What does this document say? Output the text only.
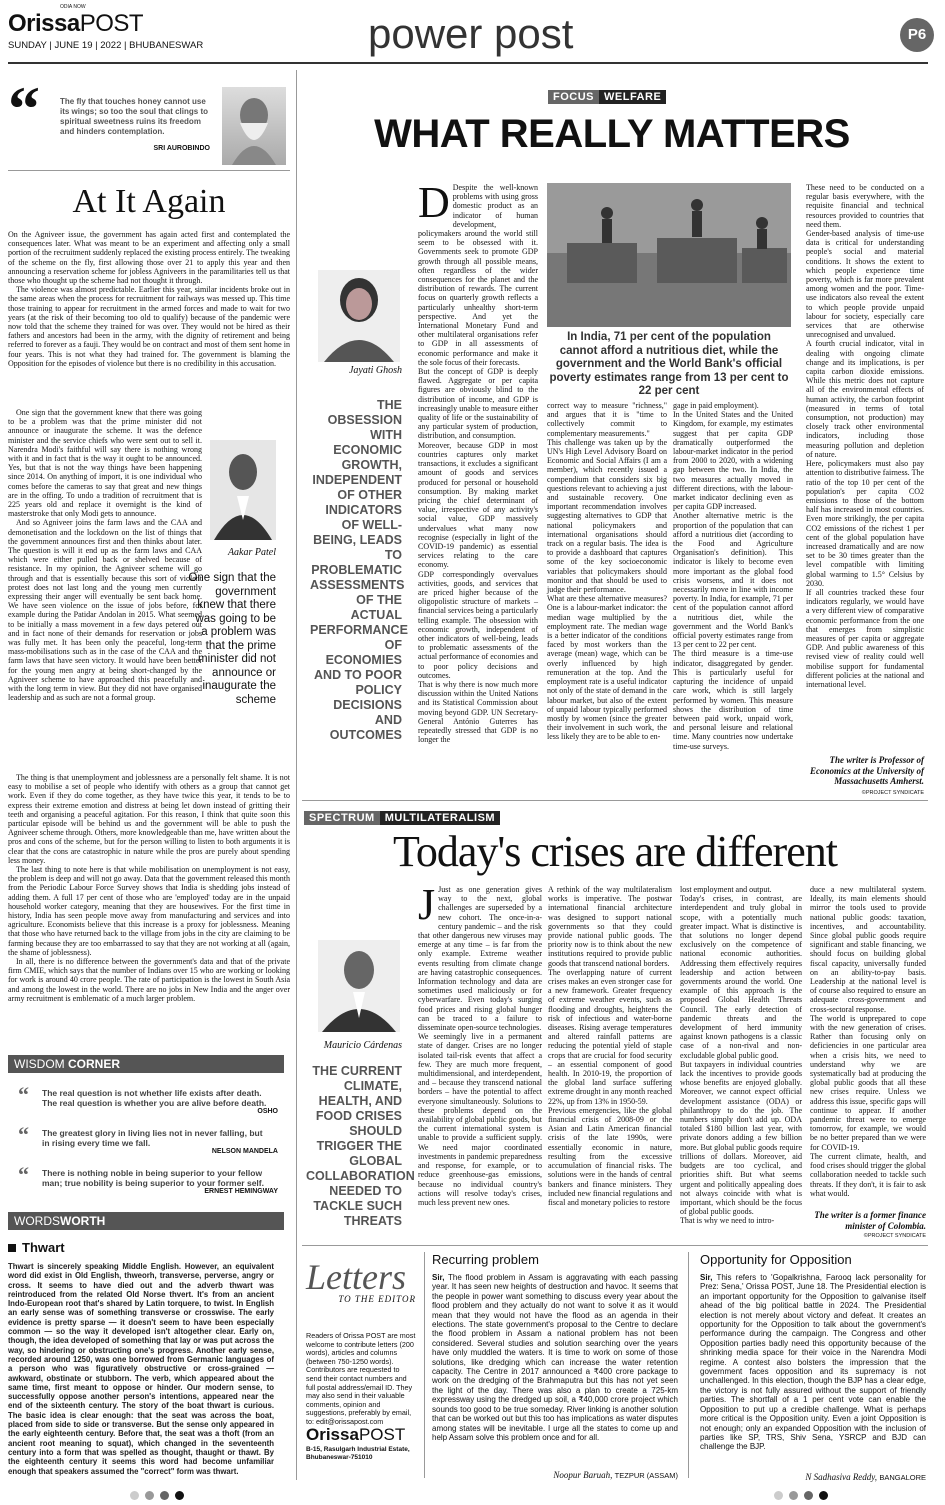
OrissaPOST
ODIA NOW
SUNDAY | JUNE 19 | 2022 | BHUBANESWAR	power post	P6
“	The fly that touches honey cannot use its wings; so too the soul that clings to spiritual sweetness ruins its freedom and hinders contemplation.
SRI AUROBINDO
At It Again

On the Agniveer issue, the government has again acted first and contemplated the consequences later. What was meant to be an experiment and affecting only a small portion of the recruitment suddenly replaced the existing process entirely. The tweaking of the scheme on the fly, first allowing those over 21 to apply this year and then announcing a reservation scheme for jobless Agniveers in the paramilitaries tell us that those who thought up the scheme had not thought it through.

The violence was almost predictable. Earlier this year, similar incidents broke out in the same areas when the process for recruitment for railways was messed up. This time those training to appear for recruitment in the armed forces and made to wait for two years (at the risk of their becoming too old to qualify) because of the pandemic were now told that the scheme they trained for was over. They would not be hired as their fathers and ancestors had been in the army, with the dignity of retirement and being referred to forever as a fauji. They would be on contract and most of them sent home in four years. This is not what they had trained for. The government is blaming the Opposition for the episodes of violence but there is no credibility in this accusation.

One sign that the government knew that there was going to be a problem was that the prime minister did not announce or inaugurate the scheme. It was the defence minister and the service chiefs who were sent out to sell it. Narendra Modi's faithful will say there is nothing wrong with it and in fact that is the way it ought to be announced. Yes, but that is not the way things have been happening since 2014. On anything of import, it is one individual who comes before the cameras to say that great and new things are in the offing. To undo a tradition of recruitment that is 225 years old and replace it overnight is the kind of masterstroke that only Modi gets to announce.

And so Agniveer joins the farm laws and the CAA and demonetisation and the lockdown on the list of things that the government announces first and then thinks about later. The question is will it end up as the farm laws and CAA which were either pulled back or shelved because of resistance. In my opinion, the Agniveer scheme will go through and that is essentially because this sort of violent protest does not last long and the young men currently expressing their anger will eventually be sent back home. We have seen violence on the issue of jobs before, for example during the Patidar Andolan in 2015. What seemed to be initially a mass movement in a few days petered out and in fact none of their demands for reservation or jobs was fully met. It has been only the peaceful, long-term mass-mobilisations such as in the case of the CAA and the farm laws that have seen victory. It would have been better for the young men angry at being short-changed by the Agniveer scheme to have approached this peacefully and with the long term in view. But they did not have organised leadership and as such are not a formal group.

Aakar Patel
One sign that the government knew that there was going to be a problem was that the prime minister did not announce or inaugurate the scheme

The thing is that unemployment and joblessness are a personally felt shame. It is not easy to mobilise a set of people who identify with others as a group that cannot get work. Even if they do come together, as they have twice this year, it tends to be to express their extreme emotion and distress at being let down instead of gritting their teeth and organising a peaceful agitation. For this reason, I think that quite soon this particular episode will be behind us and the government will be able to push the Agniveer scheme through. Others, more knowledgeable than me, have written about the pros and cons of the scheme, but for the person willing to listen to both arguments it is clear that the cons are catastrophic in nature while the pros are purely about spending less money.

The last thing to note here is that while mobilisation on unemployment is not easy, the problem is deep and will not go away. Data that the government released this month from the Periodic Labour Force Survey shows that India is shedding jobs instead of adding them. A full 17 per cent of those who are 'employed' today are in the unpaid household worker category, meaning that they are housewives. For the first time in history, India has seen people move away from manufacturing and services and into agriculture. Economists believe that this increase is a proxy for joblessness. Meaning that those who have returned back to the village from jobs in the city are claiming to be farming because they are too embarrassed to say that they are not working at all (again, the shame of joblessness).

In all, there is no difference between the government's data and that of the private firm CMIE, which says that the number of Indians over 15 who are working or looking for work is around 40 crore people. The rate of participation is the lowest in South Asia and among the lowest in the world. There are no jobs in New India and the anger over army recruitment is emblematic of a much larger problem.

WISDOM CORNER
“ The real question is not whether life exists after death. The real question is whether you are alive before death.
OSHO
“ The greatest glory in living lies not in never falling, but in rising every time we fall.
NELSON MANDELA
“ There is nothing noble in being superior to your fellow man; true nobility is being superior to your former self.
ERNEST HEMINGWAY
WORDSWORTH
Thwart
Thwart is sincerely speaking Middle English. However, an equivalent word did exist in Old English, thweorh, transverse, perverse, angry or cross. It seems to have died out and the adverb thwart was reintroduced from the related Old Norse thvert. It's from an ancient Indo-European root that's shared by Latin torquere, to twist. In English an early sense was of something transverse or crosswise. The early evidence is pretty sparse — it doesn't seem to have been especially common — so the way it developed isn't altogether clear. Early on, though, the idea developed of something that lay or was put across the way, so hindering or obstructing one's progress. Another early sense, recorded around 1250, was one borrowed from Germanic languages of a person who was figuratively obstructive or cross-grained — awkward, obstinate or stubborn. The verb, which appeared about the same time, first meant to oppose or hinder. Our modern sense, to successfully oppose another person's intentions, appeared near the end of the sixteenth century. The story of the boat thwart is curious. The basic idea is clear enough: that the seat was across the boat, placed from side to side or transverse. But the sense only appeared in the early eighteenth century. Before that, the seat was a thoft (from an ancient root meaning to squat), which changed in the seventeenth century into a form that was spelled as thought, thaught or thawt. By the eighteenth century it seems this word had become unfamiliar enough that speakers assumed the "correct" form was thwart.
FOCUS WELFARE
WHAT REALLY MATTERS
Jayati Ghosh
THE OBSESSION WITH ECONOMIC GROWTH, INDEPENDENT OF OTHER INDICATORS OF WELL-BEING, LEADS TO PROBLEMATIC ASSESSMENTS OF THE ACTUAL PERFORMANCE OF ECONOMIES AND TO POOR POLICY DECISIONS AND OUTCOMES
D Despite the well-known problems with using gross domestic product as an indicator of human development, policymakers around the world still seem to be obsessed with it. Governments seek to promote GDP growth through all possible means, often regardless of the wider consequences for the planet and the distribution of rewards. The current focus on quarterly growth reflects a particularly unhealthy short-term perspective. And yet the International Monetary Fund and other multilateral organisations refer to GDP in all assessments of economic performance and make it the sole focus of their forecasts.
But the concept of GDP is deeply flawed. Aggregate or per capita figures are obviously blind to the distribution of income, and GDP is increasingly unable to measure either quality of life or the sustainability of any particular system of production, distribution, and consumption.
Moreover, because GDP in most countries captures only market transactions, it excludes a significant amount of goods and services produced for personal or household consumption. By making market pricing the chief determinant of value, irrespective of any activity's social value, GDP massively undervalues what many now recognise (especially in light of the COVID-19 pandemic) as essential services relating to the care economy.
GDP correspondingly overvalues activities, goods, and services that are priced higher because of the oligopolistic structure of markets – financial services being a particularly telling example. The obsession with economic growth, independent of other indicators of well-being, leads to problematic assessments of the actual performance of economies and to poor policy decisions and outcomes.
That is why there is now much more discussion within the United Nations and its Statistical Commission about moving beyond GDP. UN Secretary-General António Guterres has repeatedly stressed that GDP is no longer the
In India, 71 per cent of the population cannot afford a nutritious diet, while the government and the World Bank's official poverty estimates range from 13 per cent to 22 per cent
correct way to measure "richness," and argues that it is "time to collectively commit to complementary measurements."
This challenge was taken up by the UN's High Level Advisory Board on Economic and Social Affairs (I am a member), which recently issued a compendium that considers six big questions relevant to achieving a just and sustainable recovery. One important recommendation involves suggesting alternatives to GDP that national policymakers and international organisations should track on a regular basis. The idea is to provide a dashboard that captures some of the key socioeconomic variables that policymakers should monitor and that should be used to judge their performance.
What are these alternative measures? One is a labour-market indicator: the median wage multiplied by the employment rate. The median wage is a better indicator of the conditions faced by most workers than the average (mean) wage, which can be overly influenced by high remuneration at the top. And the employment rate is a useful indicator not only of the state of demand in the labour market, but also of the extent of unpaid labour typically performed mostly by women (since the greater their involvement in such work, the less likely they are to be able to en-
gage in paid employment).
In the United States and the United Kingdom, for example, my estimates suggest that per capita GDP dramatically outperformed the labour-market indicator in the period from 2000 to 2020, with a widening gap between the two. In India, the two measures actually moved in different directions, with the labour-market indicator declining even as per capita GDP increased.
Another alternative metric is the proportion of the population that can afford a nutritious diet (according to the Food and Agriculture Organisation's definition). This indicator is likely to become even more important as the global food crisis worsens, and it does not necessarily move in line with income poverty. In India, for example, 71 per cent of the population cannot afford a nutritious diet, while the government and the World Bank's official poverty estimates range from 13 per cent to 22 per cent.
The third measure is a time-use indicator, disaggregated by gender. This is particularly useful for capturing the incidence of unpaid care work, which is still largely performed by women. This measure shows the distribution of time between paid work, unpaid work, and personal leisure and relational time. Many countries now undertake time-use surveys.
These need to be conducted on a regular basis everywhere, with the requisite financial and technical resources provided to countries that need them.
Gender-based analysis of time-use data is critical for understanding people's social and material conditions. It shows the extent to which people experience time poverty, which is far more prevalent among women and the poor. Time-use indicators also reveal the extent to which people provide unpaid labour for society, especially care services that are otherwise unrecognised and unvalued.
A fourth crucial indicator, vital in dealing with ongoing climate change and its implications, is per capita carbon dioxide emissions. While this metric does not capture all of the environmental effects of human activity, the carbon footprint (measured in terms of total consumption, not production) may closely track other environmental indicators, including those measuring pollution and depletion of nature.
Here, policymakers must also pay attention to distributive fairness. The ratio of the top 10 per cent of the population's per capita CO2 emissions to those of the bottom half has increased in most countries. Even more strikingly, the per capita CO2 emissions of the richest 1 per cent of the global population have increased dramatically and are now set to be 30 times greater than the level compatible with limiting global warming to 1.5° Celsius by 2030.
If all countries tracked these four indicators regularly, we would have a very different view of comparative economic performance from the one that emerges from simplistic measures of per capita or aggregate GDP. And public awareness of this revised view of reality could well mobilise support for fundamental different policies at the national and international level.
The writer is Professor of Economics at the University of Massachusetts Amherst.
©PROJECT SYNDICATE
SPECTRUM MULTILATERALISM
Today's crises are different
Mauricio Cárdenas
THE CURRENT CLIMATE, HEALTH, AND FOOD CRISES SHOULD TRIGGER THE GLOBAL COLLABORATION NEEDED TO TACKLE SUCH THREATS
J Just as one generation gives way to the next, global challenges are superseded by a new cohort. The once-in-a-century pandemic – and the risk that other dangerous new viruses may emerge at any time – is far from the only example. Extreme weather events resulting from climate change are having catastrophic consequences. Information technology and data are sometimes used maliciously or for cyberwarfare. Even today's surging food prices and rising global hunger can be traced to a failure to disseminate open-source technologies.
We seemingly live in a permanent state of danger. Crises are no longer isolated tail-risk events that affect a few. They are much more frequent, multidimensional, and interdependent, and – because they transcend national borders – have the potential to affect everyone simultaneously. Solutions to these problems depend on the availability of global public goods, but the current international system is unable to provide a sufficient supply. We need major coordinated investments in pandemic preparedness and response, for example, or to reduce greenhouse-gas emissions, because no individual country's actions will resolve today's crises, much less prevent new ones.
A rethink of the way multilateralism works is imperative. The postwar international financial architecture was designed to support national governments so that they could provide national public goods. The priority now is to think about the new institutions required to provide public goods that transcend national borders.
The overlapping nature of current crises makes an even stronger case for a new framework. Greater frequency of extreme weather events, such as flooding and droughts, heightens the risk of infectious and water-borne diseases. Rising average temperatures and altered rainfall patterns are reducing the potential yield of staple crops that are crucial for food security – an essential component of good health. In 2010-19, the proportion of the global land surface suffering extreme drought in any month reached 22%, up from 13% in 1950-59.
Previous emergencies, like the global financial crisis of 2008-09 or the Asian and Latin American financial crisis of the late 1990s, were essentially economic in nature, resulting from the excessive accumulation of financial risks. The solutions were in the hands of central bankers and finance ministers. They included new financial regulations and fiscal and monetary policies to restore
lost employment and output.
Today's crises, in contrast, are interdependent and truly global in scope, with a potentially much greater impact. What is distinctive is that solutions no longer depend exclusively on the competence of national economic authorities. Addressing them effectively requires leadership and action between governments around the world. One example of this approach is the proposed Global Health Threats Council. The early detection of pandemic threats and the development of herd immunity against known pathogens is a classic case of a non-rival and non-excludable global public good.
But taxpayers in individual countries lack the incentives to provide goods whose benefits are enjoyed globally. Moreover, we cannot expect official development assistance (ODA) or philanthropy to do the job. The numbers simply don't add up. ODA totaled $180 billion last year, with private donors adding a few billion more. But global public goods require trillions of dollars. Moreover, aid budgets are too cyclical, and priorities shift. But what seems urgent and politically appealing does not always coincide with what is important, which should be the focus of global public goods.
That is why we need to intro-
duce a new multilateral system. Ideally, its main elements should mirror the tools used to provide national public goods: taxation, incentives, and accountability. Since global public goods require significant and stable financing, we should focus on building global fiscal capacity, universally funded on an ability-to-pay basis. Leadership at the national level is of course also required to ensure an adequate cross-government and cross-sectoral response.
The world is unprepared to cope with the new generation of crises. Rather than focusing only on deficiencies in one particular area when a crisis hits, we need to understand why we are systematically bad at producing the global public goods that all these new crises require. Unless we address this issue, specific gaps will continue to appear. If another pandemic threat were to emerge tomorrow, for example, we would be no better prepared than we were for COVID-19.
The current climate, health, and food crises should trigger the global collaboration needed to tackle such threats. If they don't, it is fair to ask what would.
The writer is a former finance minister of Colombia.
©PROJECT SYNDICATE
Letters
TO THE EDITOR
Readers of Orissa POST are most welcome to contribute letters (200 words), articles and columns (between 750-1250 words). Contributors are requested to send their contact numbers and full postal address/email ID. They may also send in their valuable comments, opinion and suggestions, preferably by email, to: edit@orissapost.com
OrissaPOST
B-15, Rasulgarh Industrial Estate, Bhubaneswar-751010
Recurring problem
Sir, The flood problem in Assam is aggravating with each passing year. It has seen new heights of destruction and havoc. It seems that the people in power want something to discuss every year about the flood problem and they actually do not want to solve it as it would mean that they would not have the flood as an agenda in their elections. The state government's proposal to the Centre to declare the flood problem in Assam a national problem has not been considered. Several studies and solution searching over the years have only muddled the waters. It is time to work on some of those solutions, like dredging which can increase the water retention capacity. The Centre in 2017 announced a ₹400 crore package to work on the dredging of the Brahmaputra but this has not yet seen the light of the day. There was also a plan to create a 725-km expressway using the dredged up soil, a ₹40,000 crore project which sounds too good to be true someday. River linking is another solution that can be worked out but this too has implications as water disputes among states will be inevitable. I urge all the states to come up and help Assam solve this problem once and for all.
Noopur Baruah, TEZPUR (ASSAM)
Opportunity for Opposition
Sir, This refers to 'Gopalkrishna, Farooq lack personality for Prez: Sena,' Orissa POST, June 18. The Presidential election is an important opportunity for the Opposition to galvanise itself ahead of the big political battle in 2024. The Presidential election is not merely about victory and defeat. It creates an opportunity for the Opposition to talk about the government's performance during the campaign. The Congress and other Opposition parties badly need this opportunity because of the shrinking media space for their voice in the Narendra Modi regime. A contest also bolsters the impression that the government faces opposition and its supremacy is not unchallenged. In this election, though the BJP has a clear edge, the victory is not fully assured without the support of friendly parties. The shortfall of a 1 per cent vote can enable the Opposition to put up a credible challenge. What is perhaps more critical is the Opposition unity. Even a joint Opposition is not enough; only an expanded Opposition with the inclusion of parties like SP, TRS, Shiv Sena, YSRCP and BJD can challenge the BJP.
N Sadhasiva Reddy, BANGALORE
